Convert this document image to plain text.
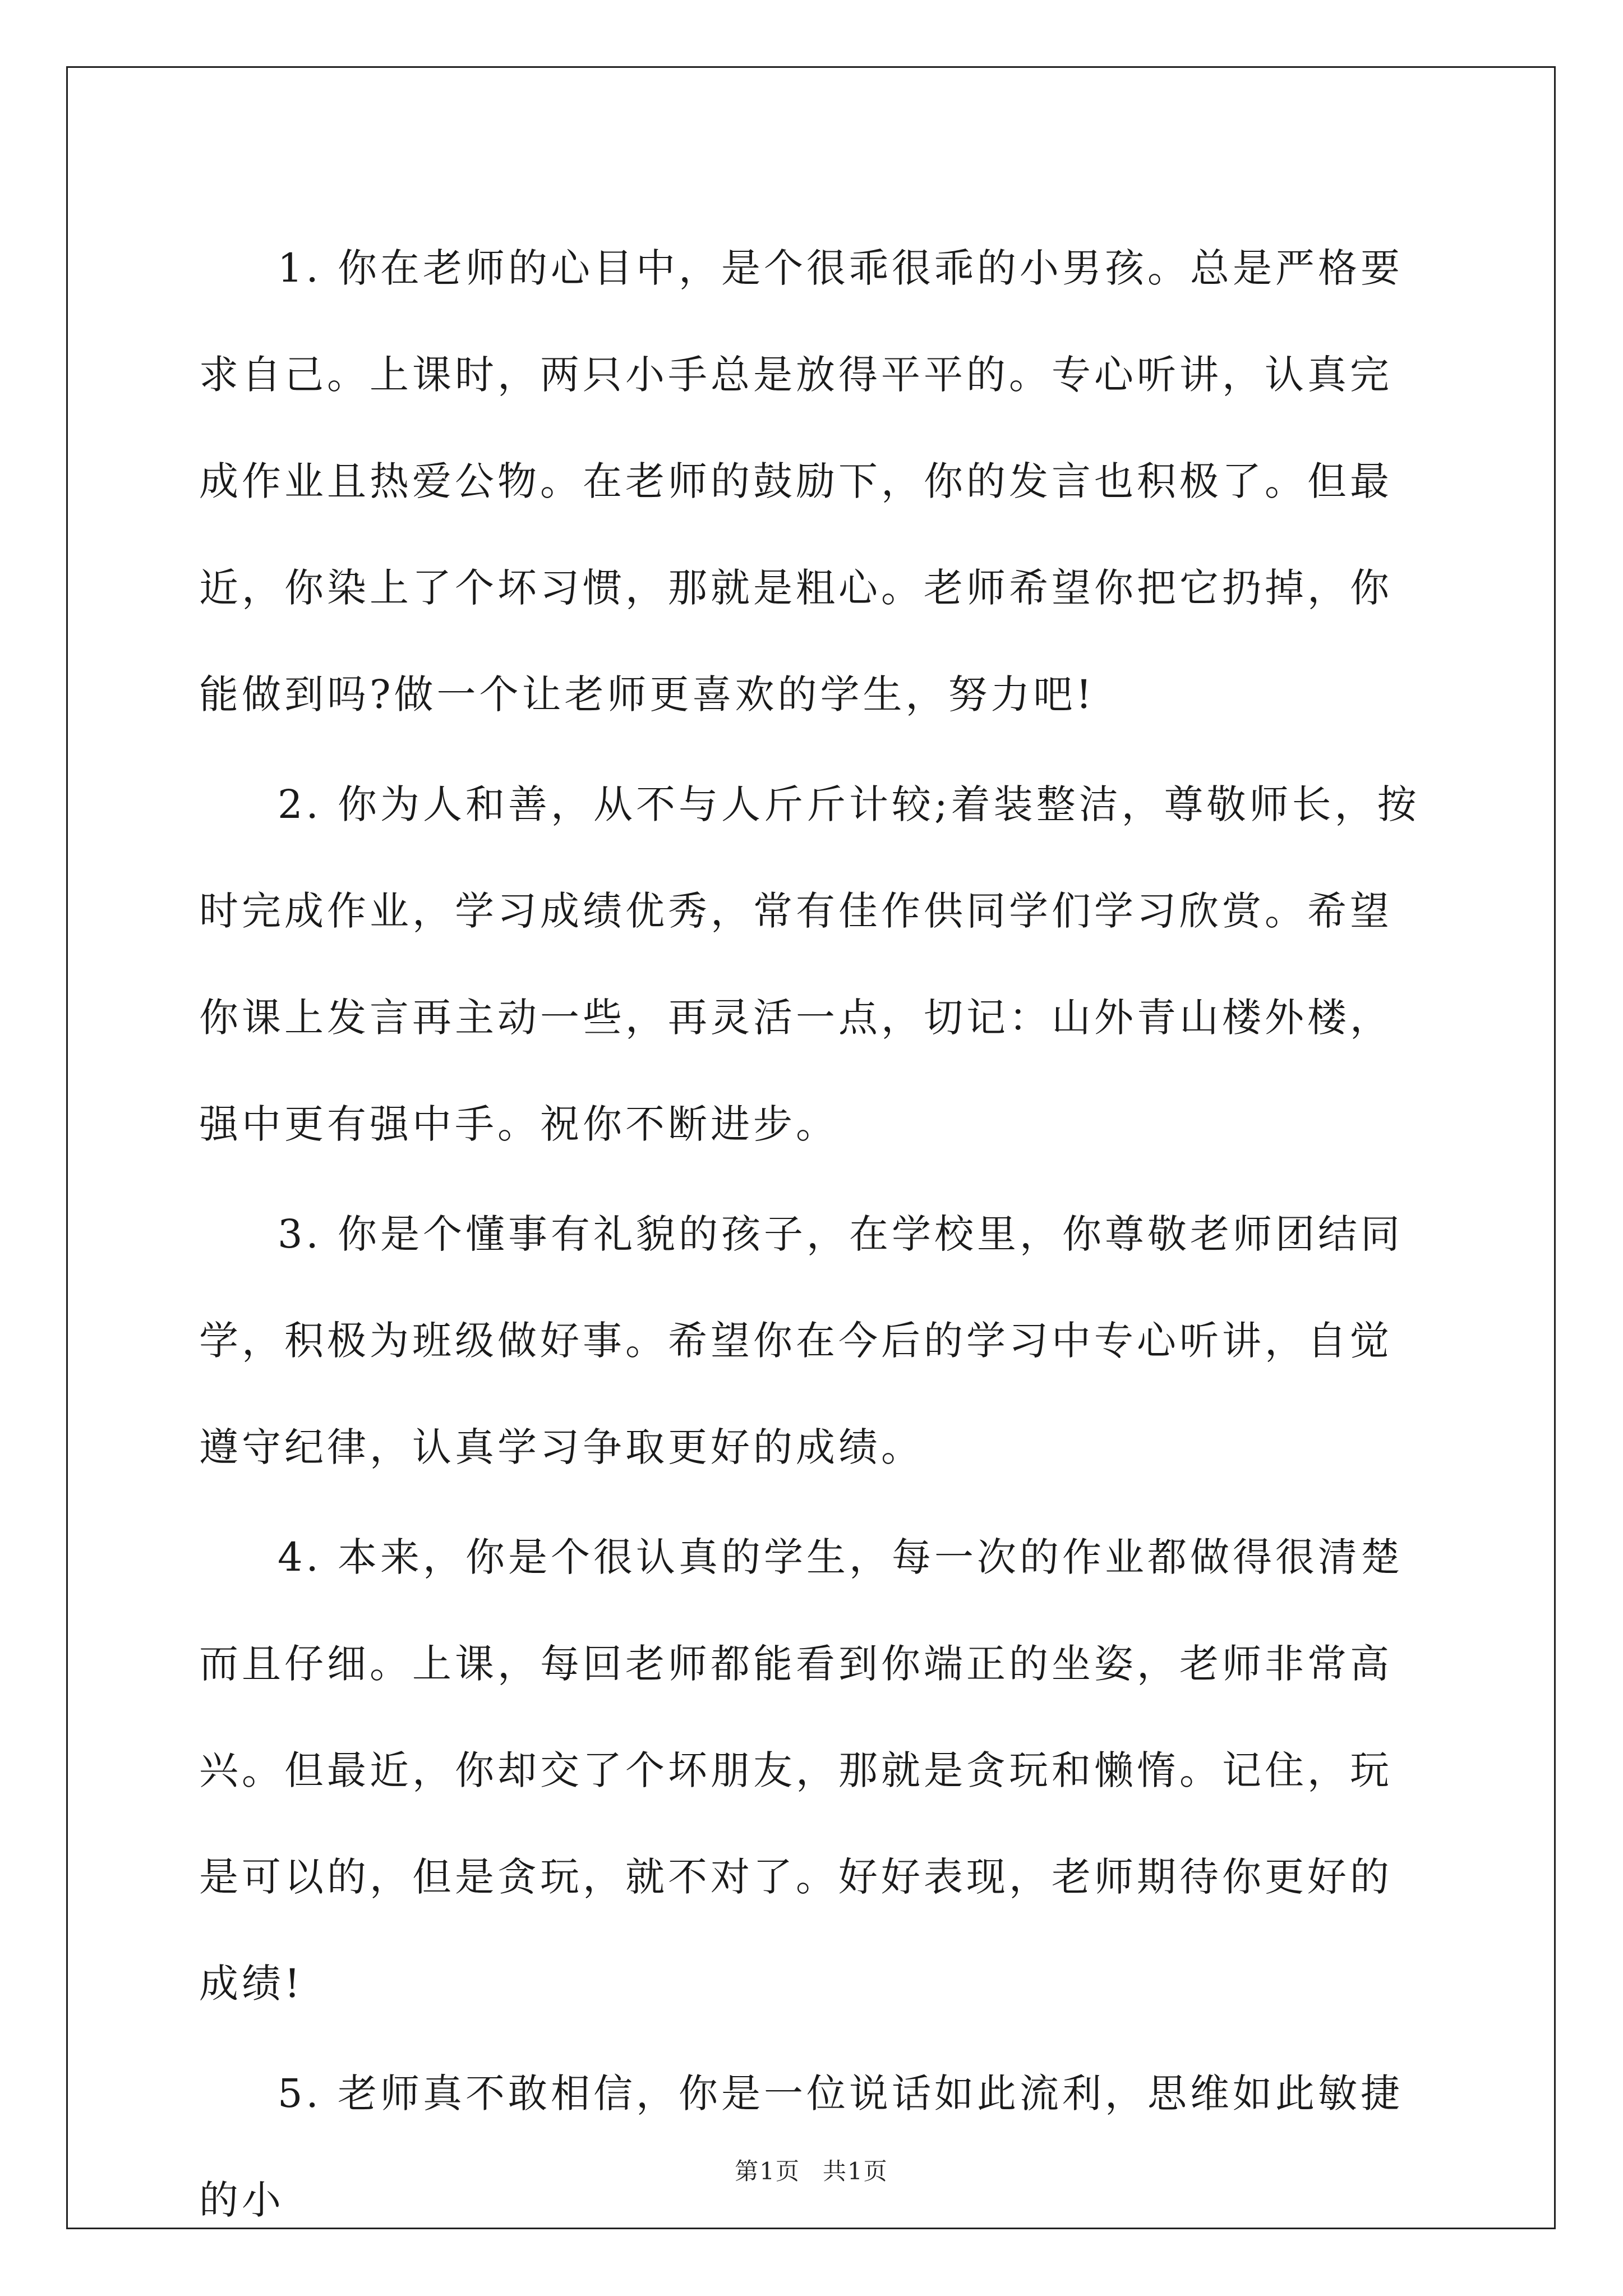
1. 你在老师的心目中，是个很乖很乖的小男孩。总是严格要求自己。上课时，两只小手总是放得平平的。专心听讲，认真完成作业且热爱公物。在老师的鼓励下，你的发言也积极了。但最近，你染上了个坏习惯，那就是粗心。老师希望你把它扔掉，你能做到吗?做一个让老师更喜欢的学生，努力吧!

2. 你为人和善，从不与人斤斤计较;着装整洁，尊敬师长，按时完成作业，学习成绩优秀，常有佳作供同学们学习欣赏。希望你课上发言再主动一些，再灵活一点，切记：山外青山楼外楼，强中更有强中手。祝你不断进步。

3. 你是个懂事有礼貌的孩子，在学校里，你尊敬老师团结同学，积极为班级做好事。希望你在今后的学习中专心听讲，自觉遵守纪律，认真学习争取更好的成绩。

4. 本来，你是个很认真的学生，每一次的作业都做得很清楚而且仔细。上课，每回老师都能看到你端正的坐姿，老师非常高兴。但最近，你却交了个坏朋友，那就是贪玩和懒惰。记住，玩是可以的，但是贪玩，就不对了。好好表现，老师期待你更好的成绩!

5. 老师真不敢相信，你是一位说话如此流利，思维如此敏捷的小

第1页 共1页
